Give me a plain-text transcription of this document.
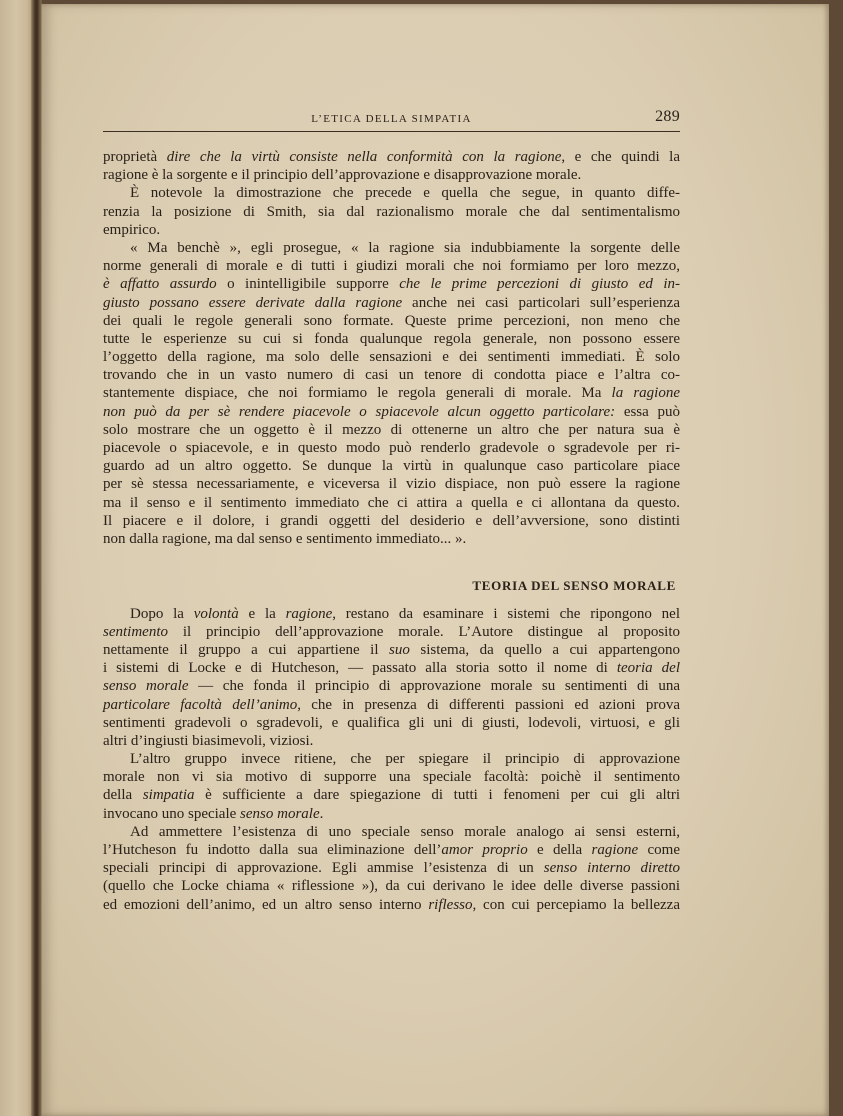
L’ETICA DELLA SIMPATIA	289
proprietà dire che la virtù consiste nella conformità con la ragione, e che quindi la
ragione è la sorgente e il principio dell’approvazione e disapprovazione morale.
È notevole la dimostrazione che precede e quella che segue, in quanto diffe-
renzia la posizione di Smith, sia dal razionalismo morale che dal sentimentalismo
empirico.
« Ma benchè », egli prosegue, « la ragione sia indubbiamente la sorgente delle
norme generali di morale e di tutti i giudizi morali che noi formiamo per loro mezzo,
è affatto assurdo o inintelligibile supporre che le prime percezioni di giusto ed in-
giusto possano essere derivate dalla ragione anche nei casi particolari sull’esperienza
dei quali le regole generali sono formate. Queste prime percezioni, non meno che
tutte le esperienze su cui si fonda qualunque regola generale, non possono essere
l’oggetto della ragione, ma solo delle sensazioni e dei sentimenti immediati. È solo
trovando che in un vasto numero di casi un tenore di condotta piace e l’altra co-
stantemente dispiace, che noi formiamo le regola generali di morale. Ma la ragione
non può da per sè rendere piacevole o spiacevole alcun oggetto particolare: essa può
solo mostrare che un oggetto è il mezzo di ottenerne un altro che per natura sua è
piacevole o spiacevole, e in questo modo può renderlo gradevole o sgradevole per ri-
guardo ad un altro oggetto. Se dunque la virtù in qualunque caso particolare piace
per sè stessa necessariamente, e viceversa il vizio dispiace, non può essere la ragione
ma il senso e il sentimento immediato che ci attira a quella e ci allontana da questo.
Il piacere e il dolore, i grandi oggetti del desiderio e dell’avversione, sono distinti
non dalla ragione, ma dal senso e sentimento immediato... ».
TEORIA DEL SENSO MORALE
Dopo la volontà e la ragione, restano da esaminare i sistemi che ripongono nel
sentimento il principio dell’approvazione morale. L’Autore distingue al proposito
nettamente il gruppo a cui appartiene il suo sistema, da quello a cui appartengono
i sistemi di Locke e di Hutcheson, — passato alla storia sotto il nome di teoria del
senso morale — che fonda il principio di approvazione morale su sentimenti di una
particolare facoltà dell’animo, che in presenza di differenti passioni ed azioni prova
sentimenti gradevoli o sgradevoli, e qualifica gli uni di giusti, lodevoli, virtuosi, e gli
altri d’ingiusti biasimevoli, viziosi.
L’altro gruppo invece ritiene, che per spiegare il principio di approvazione
morale non vi sia motivo di supporre una speciale facoltà: poichè il sentimento
della simpatia è sufficiente a dare spiegazione di tutti i fenomeni per cui gli altri
invocano uno speciale senso morale.
Ad ammettere l’esistenza di uno speciale senso morale analogo ai sensi esterni,
l’Hutcheson fu indotto dalla sua eliminazione dell’amor proprio e della ragione come
speciali principi di approvazione. Egli ammise l’esistenza di un senso interno diretto
(quello che Locke chiama « riflessione »), da cui derivano le idee delle diverse passioni
ed emozioni dell’animo, ed un altro senso interno riflesso, con cui percepiamo la bellezza
